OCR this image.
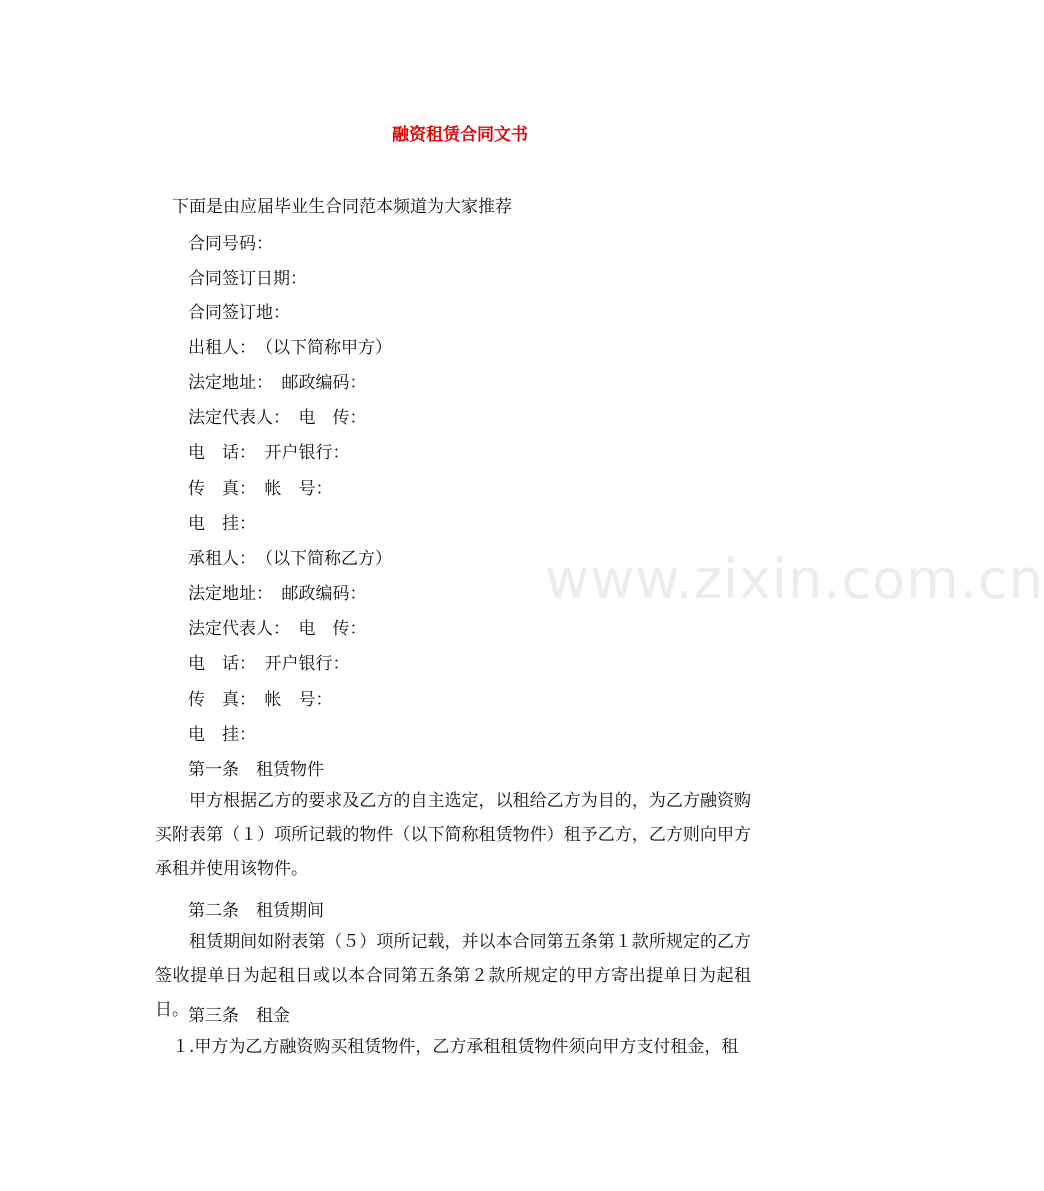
www.zixin.com.cn
融资租赁合同文书
下面是由应届毕业生合同范本频道为大家推荐
合同号码：
合同签订日期：
合同签订地：
出租人：　（以下简称甲方）
法定地址：　邮政编码：
法定代表人：　电　传：
电　话：　开户银行：
传　真：　帐　号：
电　挂：
承租人：　（以下简称乙方）
法定地址：　邮政编码：
法定代表人：　电　传：
电　话：　开户银行：
传　真：　帐　号：
电　挂：
第一条　租赁物件
　　甲方根据乙方的要求及乙方的自主选定，以租给乙方为目的，为乙方融资购买附表第（１）项所记载的物件（以下简称租赁物件）租予乙方，乙方则向甲方承租并使用该物件。
第二条　租赁期间
　　租赁期间如附表第（５）项所记载，并以本合同第五条第１款所规定的乙方签收提单日为起租日或以本合同第五条第２款所规定的甲方寄出提单日为起租日。 第三条　租金
　１.甲方为乙方融资购买租赁物件，乙方承租租赁物件须向甲方支付租金，租
